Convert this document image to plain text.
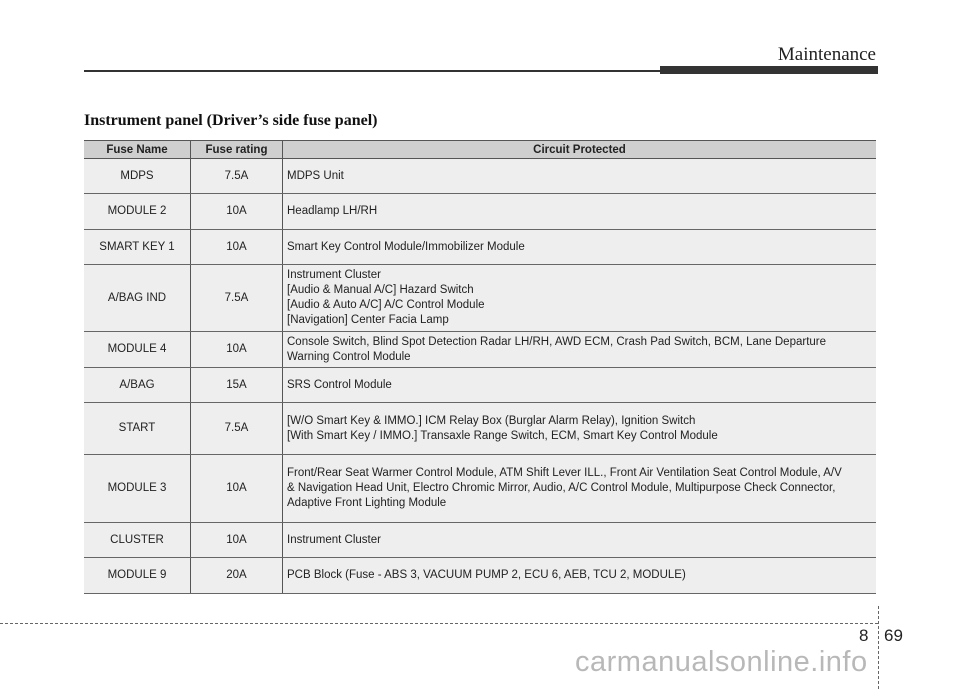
Maintenance
Instrument panel (Driver’s side fuse panel)
Fuse Name	Fuse rating	Circuit Protected
MDPS	7.5A	MDPS Unit

MODULE 2	10A	Headlamp LH/RH

SMART KEY 1	10A	Smart Key Control Module/Immobilizer Module

A/BAG IND	7.5A	Instrument Cluster
[Audio & Manual A/C] Hazard Switch
[Audio & Auto A/C] A/C Control Module
[Navigation] Center Facia Lamp

MODULE 4	10A	Console Switch, Blind Spot Detection Radar LH/RH, AWD ECM, Crash Pad Switch, BCM, Lane Departure
Warning Control Module

A/BAG	15A	SRS Control Module

START	7.5A	[W/O Smart Key & IMMO.] ICM Relay Box (Burglar Alarm Relay), Ignition Switch
[With Smart Key / IMMO.] Transaxle Range Switch, ECM, Smart Key Control Module

MODULE 3	10A	Front/Rear Seat Warmer Control Module, ATM Shift Lever ILL., Front Air Ventilation Seat Control Module, A/V
& Navigation Head Unit, Electro Chromic Mirror, Audio, A/C Control Module, Multipurpose Check Connector,
Adaptive Front Lighting Module

CLUSTER	10A	Instrument Cluster

MODULE 9	20A	PCB Block (Fuse - ABS 3, VACUUM PUMP 2, ECU 6, AEB, TCU 2, MODULE)
8 69
carmanualsonline.info
